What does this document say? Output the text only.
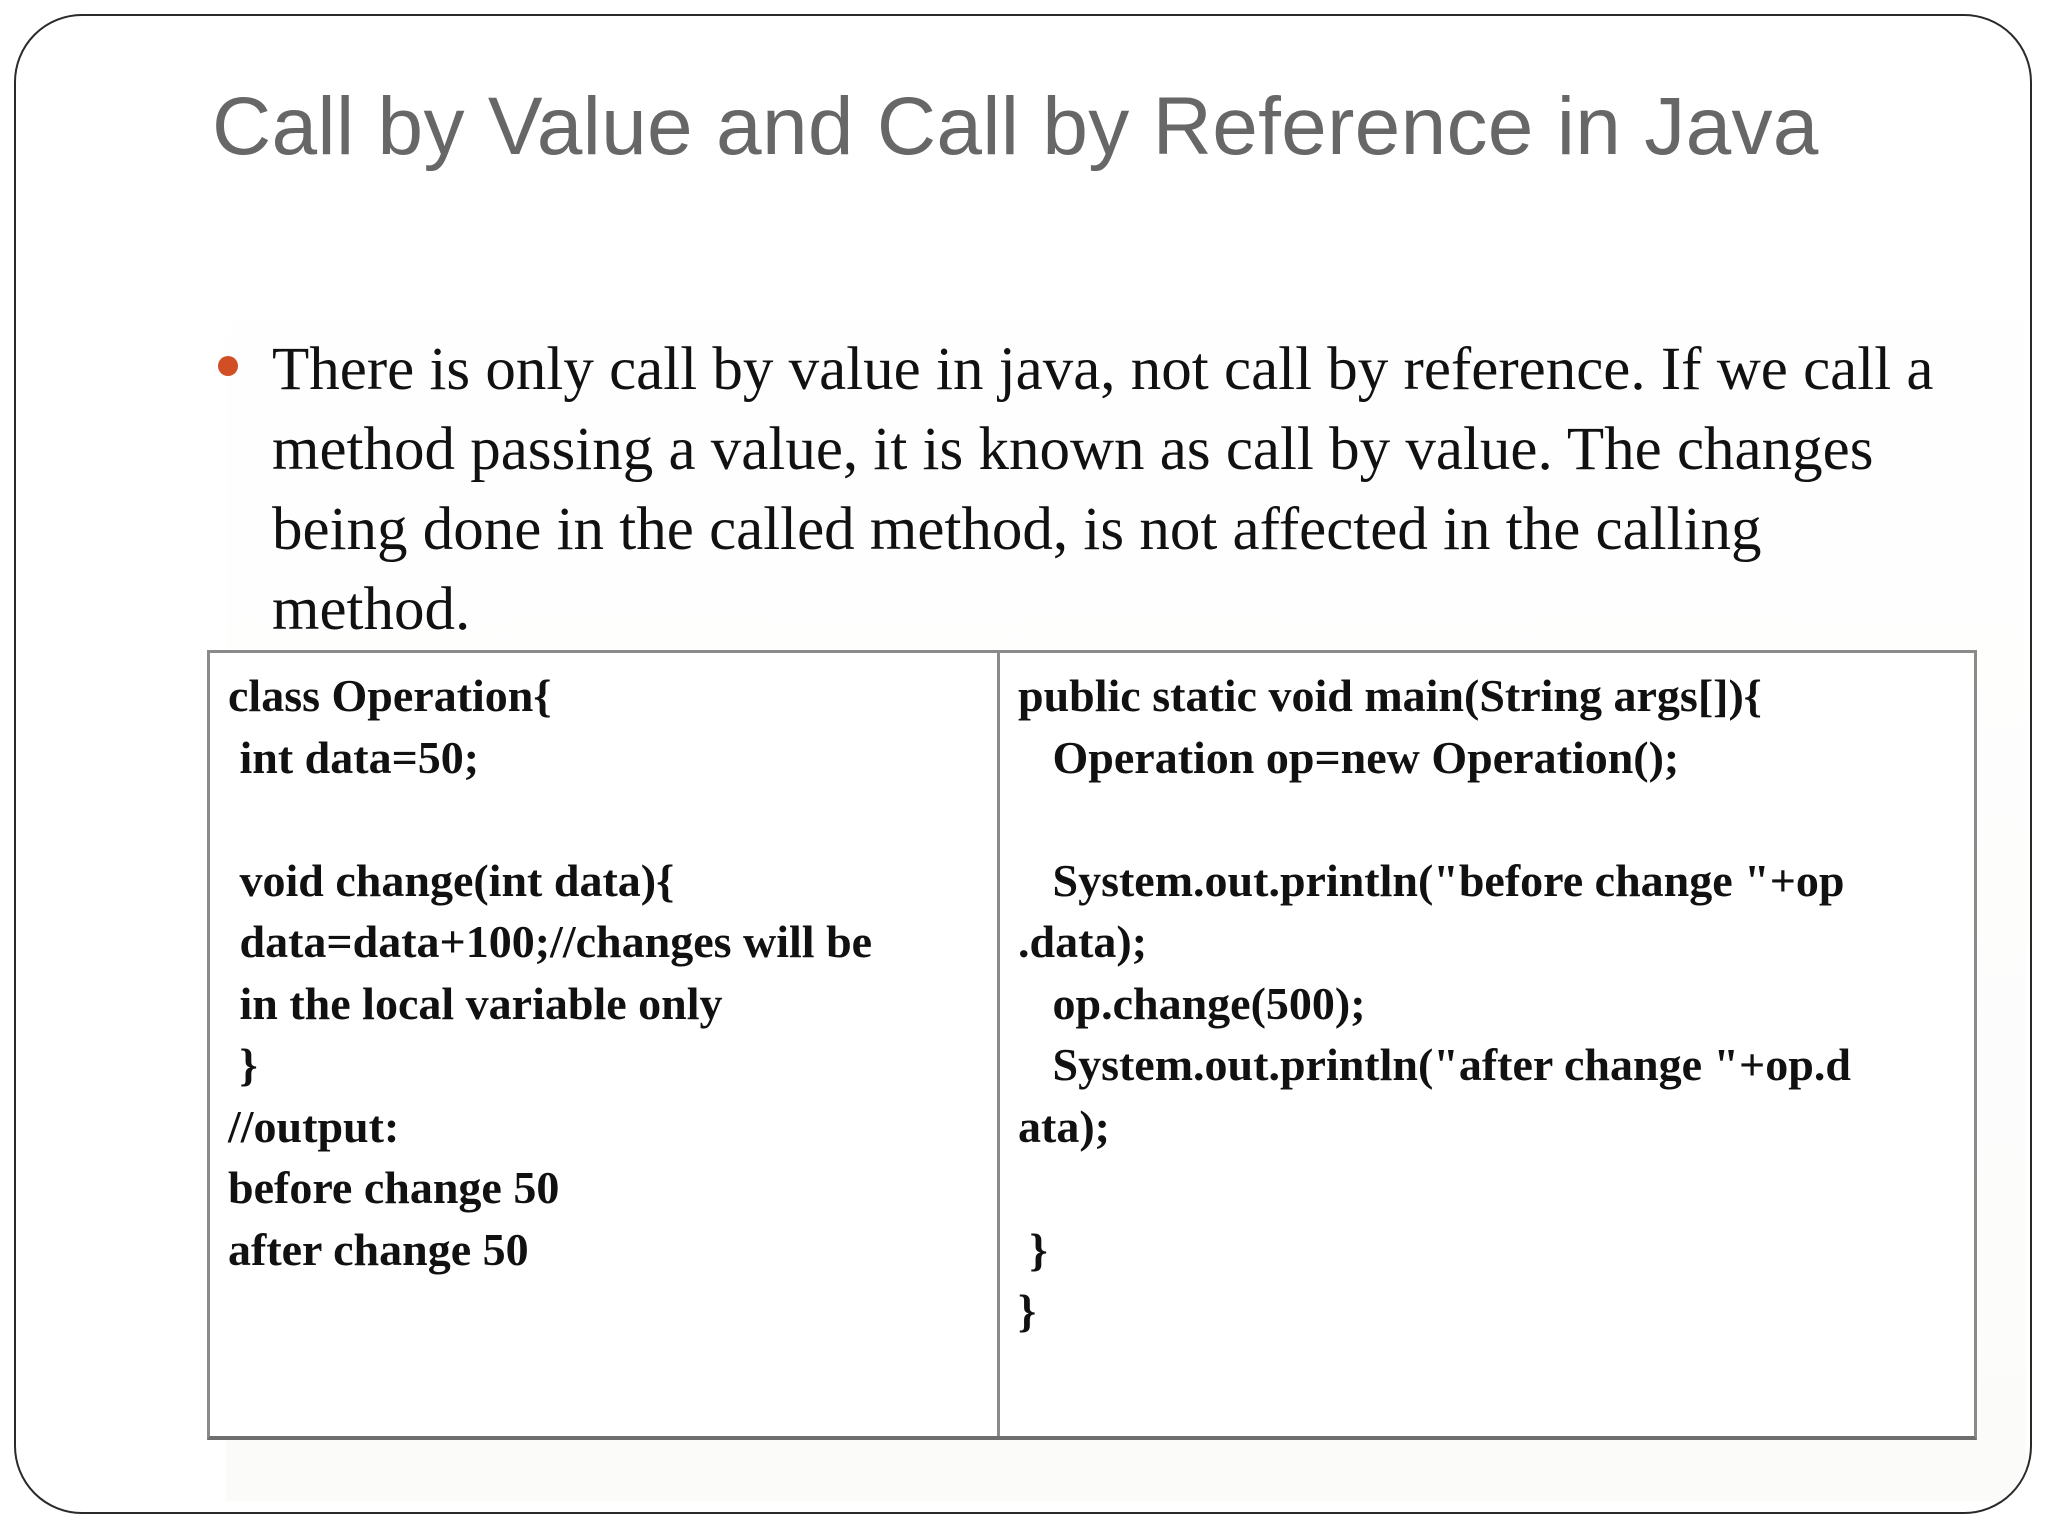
Call by Value and Call by Reference in Java

There is only call by value in java, not call by reference. If we call a method passing a value, it is known as call by value. The changes being done in the called method, is not affected in the calling method.

class Operation{
int data=50;
void change(int data){
data=data+100;//changes will be
in the local variable only
}
//output:
before change 50
after change 50
public static void main(String args[]){
Operation op=new Operation();
System.out.println("before change "+op
.data);
op.change(500);
System.out.println("after change "+op.d
ata);
}
}
